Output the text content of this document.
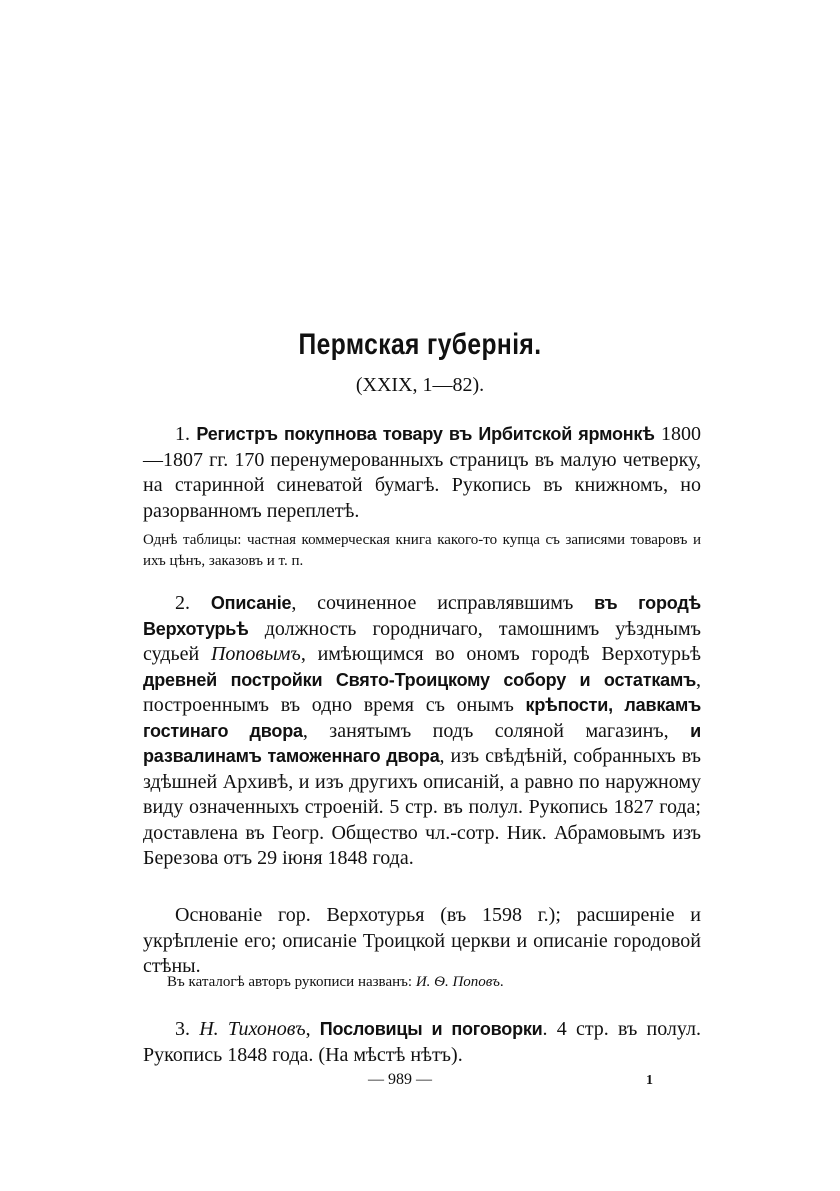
Пермская губернія.
(XXIX, 1—82).
1. Регистръ покупнова товару въ Ирбитской ярмонкѣ 1800—1807 гг. 170 перенумерованныхъ страницъ въ малую четверку, на старинной синеватой бумагѣ. Рукопись въ книжномъ, но разорванномъ переплетѣ.
Однѣ таблицы: частная коммерческая книга какого-то купца съ записями товаровъ и ихъ цѣнъ, заказовъ и т. п.
2. Описаніе, сочиненное исправлявшимъ въ городѣ Верхотурьѣ должность городничаго, тамошнимъ уѣзднымъ судьей Поповымъ, имѣющимся во ономъ городѣ Верхотурьѣ древней постройки Свято-Троицкому собору и остаткамъ, построеннымъ въ одно время съ онымъ крѣпости, лавкамъ гостинаго двора, занятымъ подъ соляной магазинъ, и развалинамъ таможеннаго двора, изъ свѣдѣній, собранныхъ въ здѣшней Архивѣ, и изъ другихъ описаній, а равно по наружному виду означенныхъ строеній. 5 стр. въ полул. Рукопись 1827 года; доставлена въ Геогр. Общество чл.-сотр. Ник. Абрамовымъ изъ Березова отъ 29 іюня 1848 года.
Основаніе гор. Верхотурья (въ 1598 г.); расширеніе и укрѣпленіе его; описаніе Троицкой церкви и описаніе городовой стѣны.
Въ каталогѣ авторъ рукописи названъ: И. Ѳ. Поповъ.
3. Н. Тихоновъ, Пословицы и поговорки. 4 стр. въ полул. Рукопись 1848 года. (На мѣстѣ нѣтъ).
— 989 —	1
